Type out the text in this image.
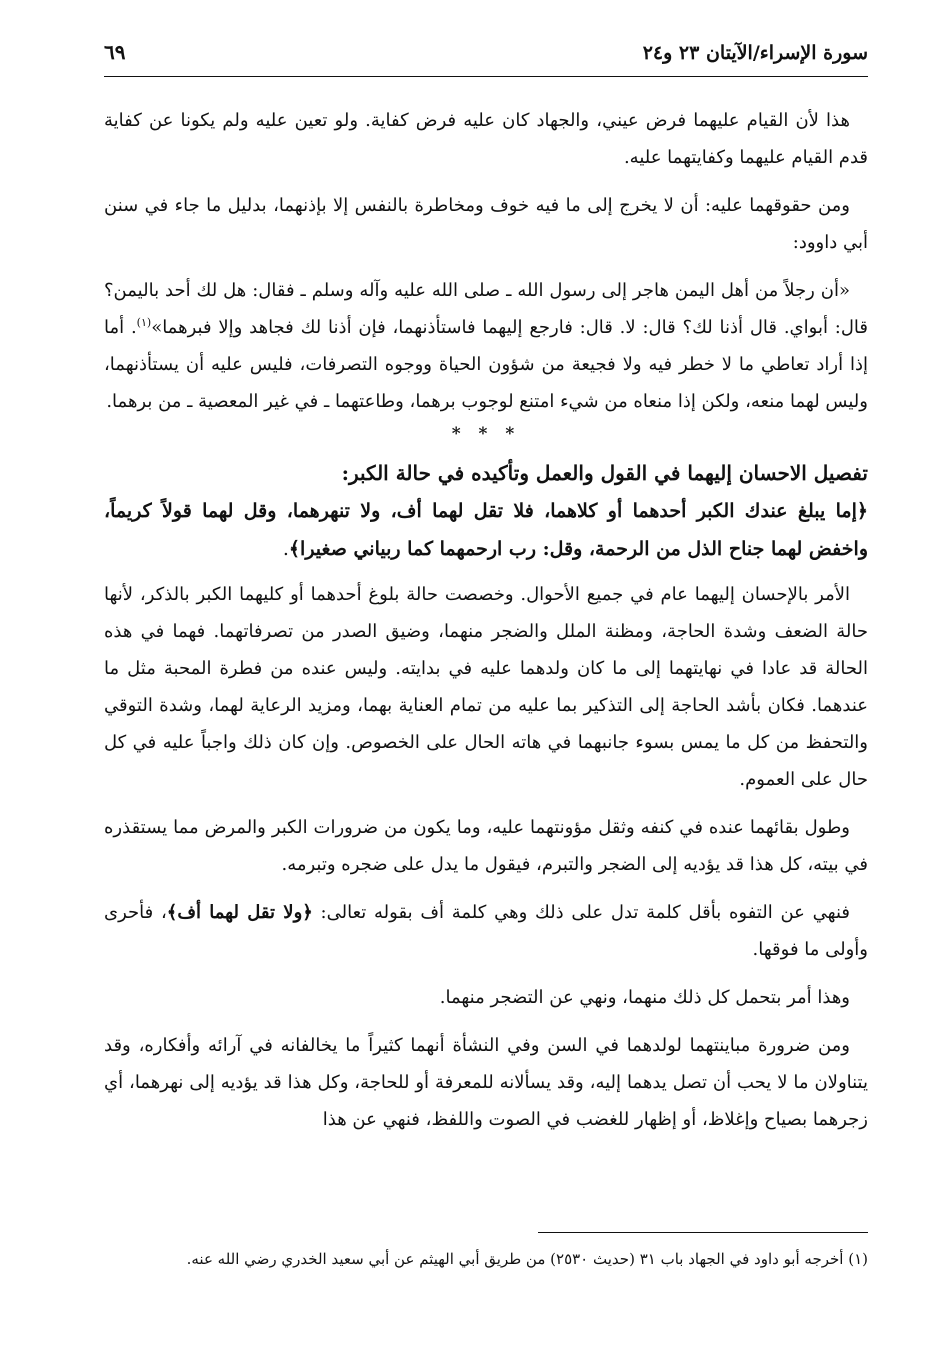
سورة الإسراء/الآيتان ٢٣ و٢٤
٦٩

هذا لأن القيام عليهما فرض عيني، والجهاد كان عليه فرض كفاية. ولو تعين عليه ولم يكونا عن كفاية قدم القيام عليهما وكفايتهما عليه.

ومن حقوقهما عليه: أن لا يخرج إلى ما فيه خوف ومخاطرة بالنفس إلا بإذنهما، بدليل ما جاء في سنن أبي داوود:

«أن رجلاً من أهل اليمن هاجر إلى رسول الله ـ صلى الله عليه وآله وسلم ـ فقال: هل لك أحد باليمن؟ قال: أبواي. قال أذنا لك؟ قال: لا. قال: فارجع إليهما فاستأذنهما، فإن أذنا لك فجاهد وإلا فبرهما»$^{(١)}$. أما إذا أراد تعاطي ما لا خطر فيه ولا فجيعة من شؤون الحياة ووجوه التصرفات، فليس عليه أن يستأذنهما، وليس لهما منعه، ولكن إذا منعاه من شيء امتنع لوجوب برهما، وطاعتهما ـ في غير المعصية ـ من برهما.

* * *
تفصيل الاحسان إليهما في القول والعمل وتأكيده في حالة الكبر:

﴿إما يبلغ عندك الكبر أحدهما أو كلاهما، فلا تقل لهما أف، ولا تنهرهما، وقل لهما قولاً كريماً، واخفض لهما جناح الذل من الرحمة، وقل: رب ارحمهما كما ربياني صغيرا﴾.

الأمر بالإحسان إليهما عام في جميع الأحوال. وخصصت حالة بلوغ أحدهما أو كليهما الكبر بالذكر، لأنها حالة الضعف وشدة الحاجة، ومظنة الملل والضجر منهما، وضيق الصدر من تصرفاتهما. فهما في هذه الحالة قد عادا في نهايتهما إلى ما كان ولدهما عليه في بدايته. وليس عنده من فطرة المحبة مثل ما عندهما. فكان بأشد الحاجة إلى التذكير بما عليه من تمام العناية بهما، ومزيد الرعاية لهما، وشدة التوقي والتحفظ من كل ما يمس بسوء جانبهما في هاته الحال على الخصوص. وإن كان ذلك واجباً عليه في كل حال على العموم.

وطول بقائهما عنده في كنفه وثقل مؤونتهما عليه، وما يكون من ضرورات الكبر والمرض مما يستقذره في بيته، كل هذا قد يؤديه إلى الضجر والتبرم، فيقول ما يدل على ضجره وتبرمه.

فنهي عن التفوه بأقل كلمة تدل على ذلك وهي كلمة أف بقوله تعالى: ﴿ولا تقل لهما أف﴾، فأحرى وأولى ما فوقها.

وهذا أمر بتحمل كل ذلك منهما، ونهي عن التضجر منهما.

ومن ضرورة مباينتهما لولدهما في السن وفي النشأة أنهما كثيراً ما يخالفانه في آرائه وأفكاره، وقد يتناولان ما لا يحب أن تصل يدهما إليه، وقد يسألانه للمعرفة أو للحاجة، وكل هذا قد يؤديه إلى نهرهما، أي زجرهما بصياح وإغلاظ، أو إظهار للغضب في الصوت واللفظ، فنهي عن هذا

(١) أخرجه أبو داود في الجهاد باب ٣١ (حديث ٢٥٣٠) من طريق أبي الهيثم عن أبي سعيد الخدري رضي الله عنه.
